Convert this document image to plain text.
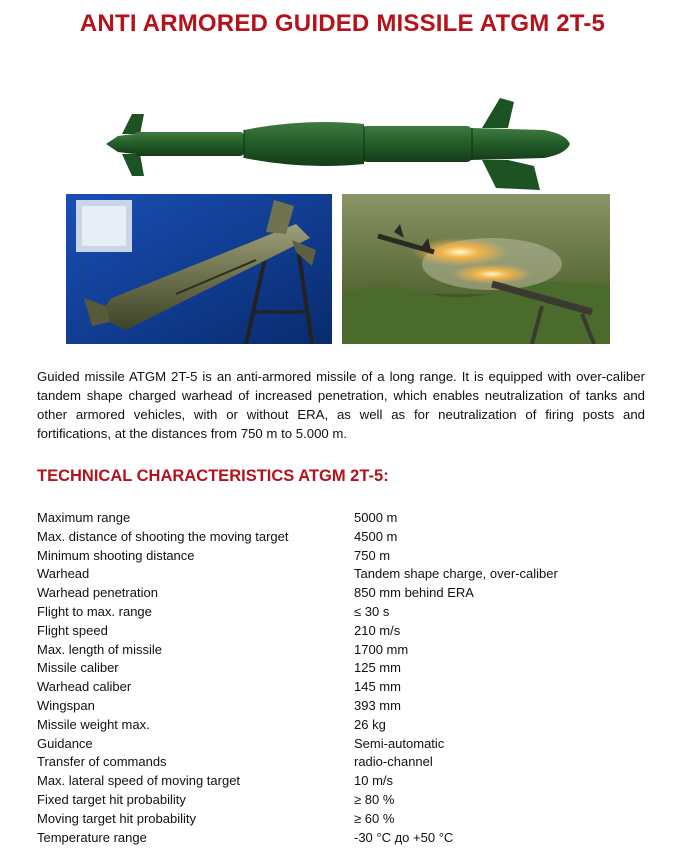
ANTI ARMORED GUIDED MISSILE ATGM 2T-5
Guided missile ATGM 2T-5 is an anti-armored missile of a long range. It is equipped with over-caliber tandem shape charged warhead of increased penetration, which enables neutralization of tanks and other armored vehicles, with or without ERA, as well as for neutralization of firing posts and fortifications, at the distances from 750 m to 5.000 m.
TECHNICAL CHARACTERISTICS ATGM 2T-5:
Maximum range	5000 m
Max. distance of shooting the moving target	4500 m
Minimum shooting distance	750 m
Warhead	Tandem shape charge, over-caliber
Warhead penetration	850 mm behind ERA
Flight to max. range	≤ 30 s
Flight speed	210 m/s
Max. length of missile	1700 mm
Missile caliber	125 mm
Warhead caliber	145 mm
Wingspan	393 mm
Missile weight max.	26 kg
Guidance	Semi-automatic
Transfer of commands	radio-channel
Max. lateral speed of moving target	10 m/s
Fixed target hit probability	≥ 80 %
Moving target hit probability	≥ 60 %
Temperature range	-30 °C до +50 °C
